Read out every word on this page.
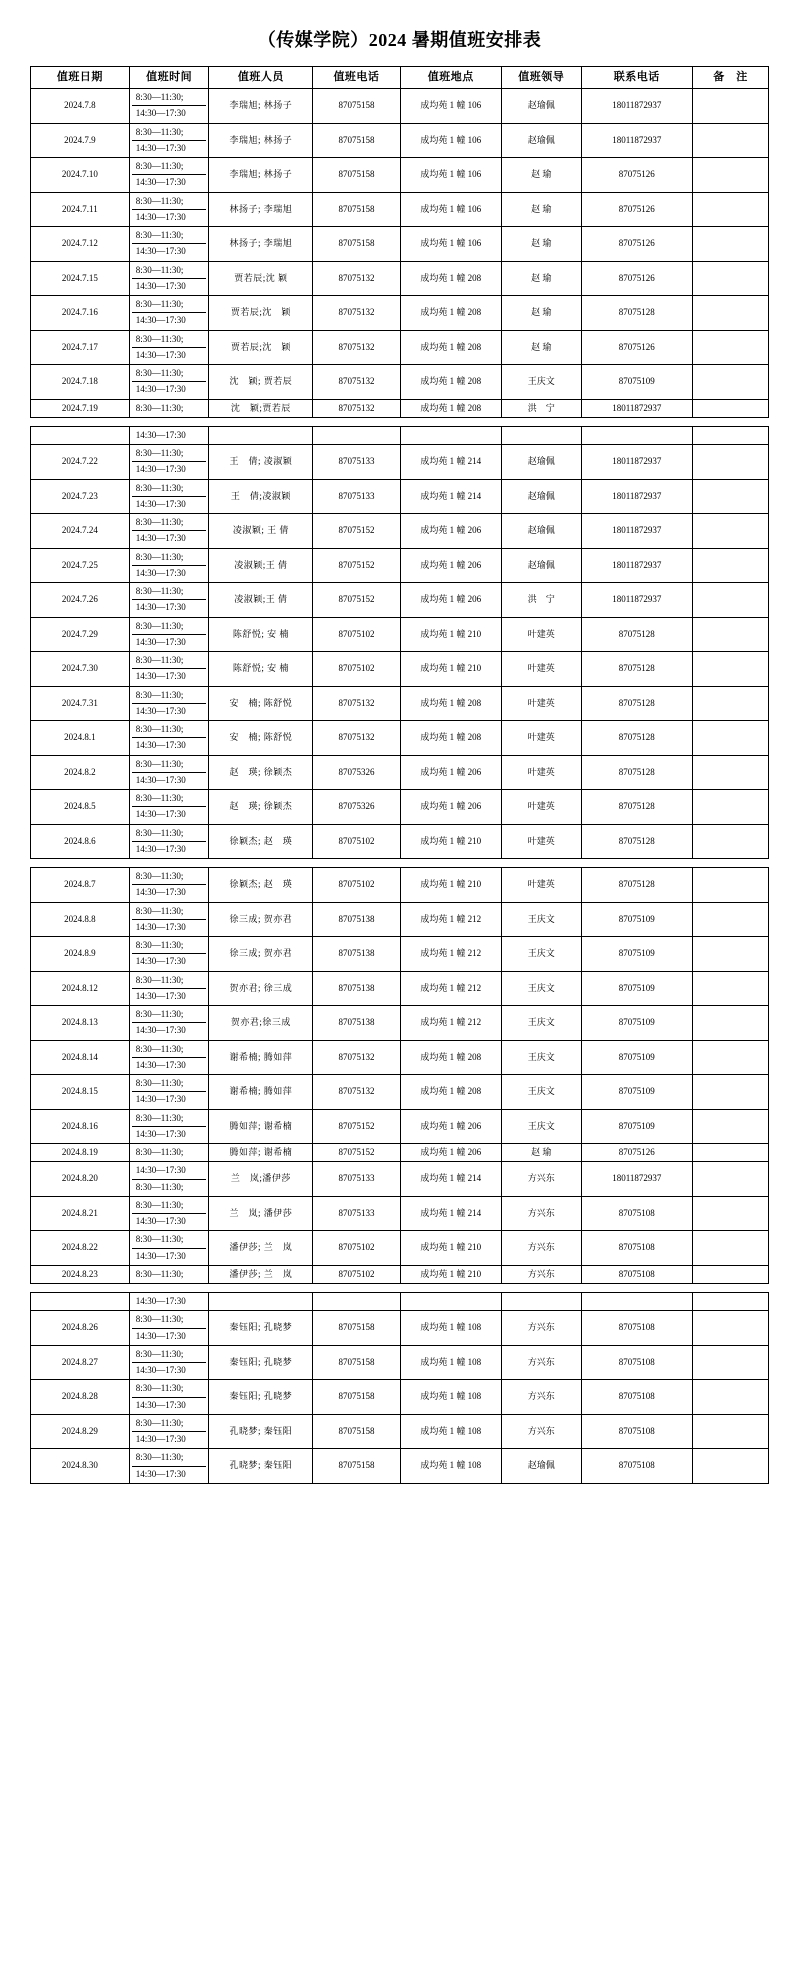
（传媒学院）2024 暑期值班安排表
值班日期	值班时间	值班人员	值班电话	值班地点	值班领导	联系电话	备　注
2024.7.8	8:30—11:30;
14:30—17:30	李瑞旭; 林扬子	87075158	成均苑 1 幢 106	赵瑜佩	18011872937	
2024.7.9	8:30—11:30;
14:30—17:30	李瑞旭; 林扬子	87075158	成均苑 1 幢 106	赵瑜佩	18011872937	
2024.7.10	8:30—11:30;
14:30—17:30	李瑞旭; 林扬子	87075158	成均苑 1 幢 106	赵 瑜	87075126	
2024.7.11	8:30—11:30;
14:30—17:30	林扬子; 李瑞旭	87075158	成均苑 1 幢 106	赵 瑜	87075126	
2024.7.12	8:30—11:30;
14:30—17:30	林扬子; 李瑞旭	87075158	成均苑 1 幢 106	赵 瑜	87075126	
2024.7.15	8:30—11:30;
14:30—17:30	贾若辰;沈 颖	87075132	成均苑 1 幢 208	赵 瑜	87075126	
2024.7.16	8:30—11:30;
14:30—17:30	贾若辰;沈　颖	87075132	成均苑 1 幢 208	赵 瑜	87075128	
2024.7.17	8:30—11:30;
14:30—17:30	贾若辰;沈　颖	87075132	成均苑 1 幢 208	赵 瑜	87075126	
2024.7.18	8:30—11:30;
14:30—17:30	沈　颖; 贾若辰	87075132	成均苑 1 幢 208	王庆文	87075109	
2024.7.19	8:30—11:30;	沈　颖;贾若辰	87075132	成均苑 1 幢 208	洪　宁	18011872937	

	14:30—17:30						

2024.7.22	8:30—11:30;
14:30—17:30	王　倩; 凌淑颖	87075133	成均苑 1 幢 214	赵瑜佩	18011872937	
2024.7.23	8:30—11:30;
14:30—17:30	王　倩;凌淑颖	87075133	成均苑 1 幢 214	赵瑜佩	18011872937	
2024.7.24	8:30—11:30;
14:30—17:30	凌淑颖; 王 倩	87075152	成均苑 1 幢 206	赵瑜佩	18011872937	
2024.7.25	8:30—11:30;
14:30—17:30	凌淑颖;王 倩	87075152	成均苑 1 幢 206	赵瑜佩	18011872937	
2024.7.26	8:30—11:30;
14:30—17:30	凌淑颖;王 倩	87075152	成均苑 1 幢 206	洪　宁	18011872937	
2024.7.29	8:30—11:30;
14:30—17:30	陈舒悦; 安 楠	87075102	成均苑 1 幢 210	叶建英	87075128	
2024.7.30	8:30—11:30;
14:30—17:30	陈舒悦; 安 楠	87075102	成均苑 1 幢 210	叶建英	87075128	
2024.7.31	8:30—11:30;
14:30—17:30	安　楠; 陈舒悦	87075132	成均苑 1 幢 208	叶建英	87075128	
2024.8.1	8:30—11:30;
14:30—17:30	安　楠; 陈舒悦	87075132	成均苑 1 幢 208	叶建英	87075128	
2024.8.2	8:30—11:30;
14:30—17:30	赵　瑛; 徐颖杰	87075326	成均苑 1 幢 206	叶建英	87075128	
2024.8.5	8:30—11:30;
14:30—17:30	赵　瑛; 徐颖杰	87075326	成均苑 1 幢 206	叶建英	87075128	
2024.8.6	8:30—11:30;
14:30—17:30	徐颖杰; 赵　瑛	87075102	成均苑 1 幢 210	叶建英	87075128	

2024.8.7	8:30—11:30;
14:30—17:30	徐颖杰; 赵　瑛	87075102	成均苑 1 幢 210	叶建英	87075128	
2024.8.8	8:30—11:30;
14:30—17:30	徐三成; 贺亦君	87075138	成均苑 1 幢 212	王庆文	87075109	
2024.8.9	8:30—11:30;
14:30—17:30	徐三成; 贺亦君	87075138	成均苑 1 幢 212	王庆文	87075109	
2024.8.12	8:30—11:30;
14:30—17:30	贺亦君; 徐三成	87075138	成均苑 1 幢 212	王庆文	87075109	
2024.8.13	8:30—11:30;
14:30—17:30	贺亦君;徐三成	87075138	成均苑 1 幢 212	王庆文	87075109	
2024.8.14	8:30—11:30;
14:30—17:30	谢希楠; 腾如萍	87075132	成均苑 1 幢 208	王庆文	87075109	
2024.8.15	8:30—11:30;
14:30—17:30	谢希楠; 腾如萍	87075132	成均苑 1 幢 208	王庆文	87075109	
2024.8.16	8:30—11:30;
14:30—17:30	腾如萍; 谢希楠	87075152	成均苑 1 幢 206	王庆文	87075109	
2024.8.19	8:30—11:30;	腾如萍; 谢希楠	87075152	成均苑 1 幢 206	赵 瑜	87075126	
2024.8.20	14:30—17:30
8:30—11:30;	兰　岚;潘伊莎	87075133	成均苑 1 幢 214	方兴东	18011872937	
2024.8.21	8:30—11:30;
14:30—17:30	兰　岚; 潘伊莎	87075133	成均苑 1 幢 214	方兴东	87075108	
2024.8.22	8:30—11:30;
14:30—17:30	潘伊莎; 兰　岚	87075102	成均苑 1 幢 210	方兴东	87075108	
2024.8.23	8:30—11:30;	潘伊莎; 兰　岚	87075102	成均苑 1 幢 210	方兴东	87075108	

	14:30—17:30						

2024.8.26	8:30—11:30;
14:30—17:30	秦钰阳; 孔晓梦	87075158	成均苑 1 幢 108	方兴东	87075108	
2024.8.27	8:30—11:30;
14:30—17:30	秦钰阳; 孔晓梦	87075158	成均苑 1 幢 108	方兴东	87075108	
2024.8.28	8:30—11:30;
14:30—17:30	秦钰阳; 孔晓梦	87075158	成均苑 1 幢 108	方兴东	87075108	
2024.8.29	8:30—11:30;
14:30—17:30	孔晓梦; 秦钰阳	87075158	成均苑 1 幢 108	方兴东	87075108	
2024.8.30	8:30—11:30;
14:30—17:30	孔晓梦; 秦钰阳	87075158	成均苑 1 幢 108	赵瑜佩	87075108	
